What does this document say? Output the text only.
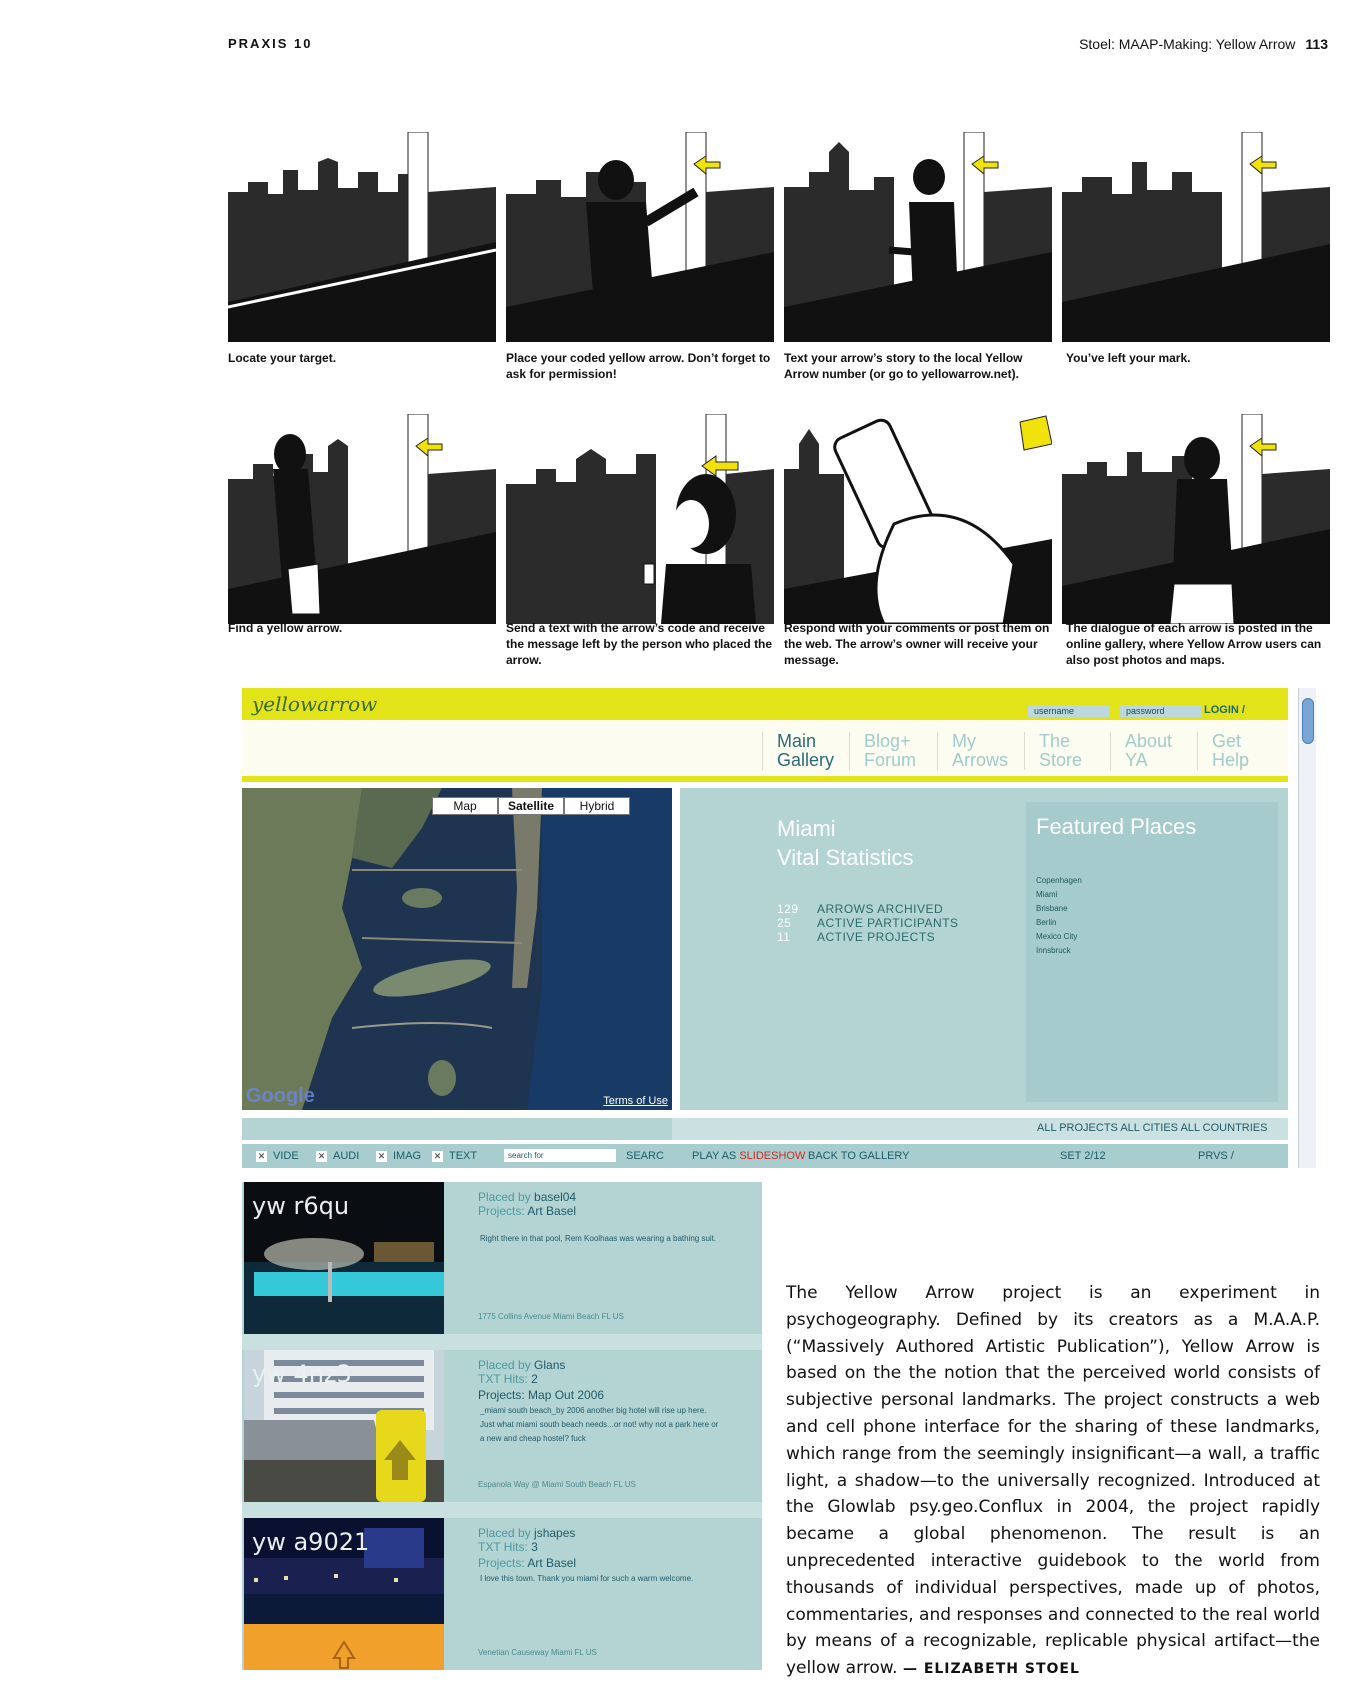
PRAXIS 10	Stoel: MAAP-Making: Yellow Arrow 113
Locate your target.	Place your coded yellow arrow. Don’t forget to ask for permission!
Text your arrow’s story to the local Yellow Arrow number (or go to yellowarrow.net).
You’ve left your mark.
Find a yellow arrow.	Send a text with the arrow’s code and receive the message left by the person who placed the arrow.
Respond with your comments or post them on the web. The arrow’s owner will receive your message.
The dialogue of each arrow is posted in the online gallery, where Yellow Arrow users can also post photos and maps.
yellowarrow	username	password	LOGIN /
Main
Gallery
Blog+
Forum
My
Arrows
The
Store
About
YA
Get
Help
Map	Satellite	Hybrid
Google	Terms of Use
Miami
Vital Statistics
129 ARROWS ARCHIVED
25 ACTIVE PARTICIPANTS
11 ACTIVE PROJECTS
Featured Places
Copenhagen
Miami
Brisbane
Berlin
Mexico City
Innsbruck
ALL PROJECTS ALL CITIES ALL COUNTRIES
✕ VIDE ✕ AUDI ✕ IMAG ✕ TEXT	search for	SEARC	PLAY AS SLIDESHOW BACK TO GALLERY	SET 2/12	PRVS /
yw r6qu	Placed by basel04
Projects: Art Basel
Right there in that pool, Rem Koolhaas was wearing a bathing suit.
1775 Collins Avenue Miami Beach FL US
yw 4nz3	Placed by Glans
TXT Hits: 2
Projects: Map Out 2006
_miami south beach_by 2006 another big hotel will rise up here. Just what miami south beach needs...or not! why not a park here or a new and cheap hostel? fuck
Espanola Way @ Miami South Beach FL US
yw a9021	Placed by jshapes
TXT Hits: 3
Projects: Art Basel
I love this town. Thank you miami for such a warm welcome.
Venetian Causeway Miami FL US
The Yellow Arrow project is an experiment in psychogeography. Defined by its creators as a M.A.A.P. (“Massively Authored Artistic Publication”), Yellow Arrow is based on the the notion that the perceived world consists of subjective personal landmarks. The project constructs a web and cell phone interface for the sharing of these landmarks, which range from the seemingly insignificant—a wall, a traffic light, a shadow—to the universally recognized. Introduced at the Glowlab psy.geo.Conflux in 2004, the project rapidly became a global phenomenon. The result is an unprecedented interactive guidebook to the world from thousands of individual perspectives, made up of photos, commentaries, and responses and connected to the real world by means of a recognizable, replicable physical artifact—the yellow arrow. — ELIZABETH STOEL
